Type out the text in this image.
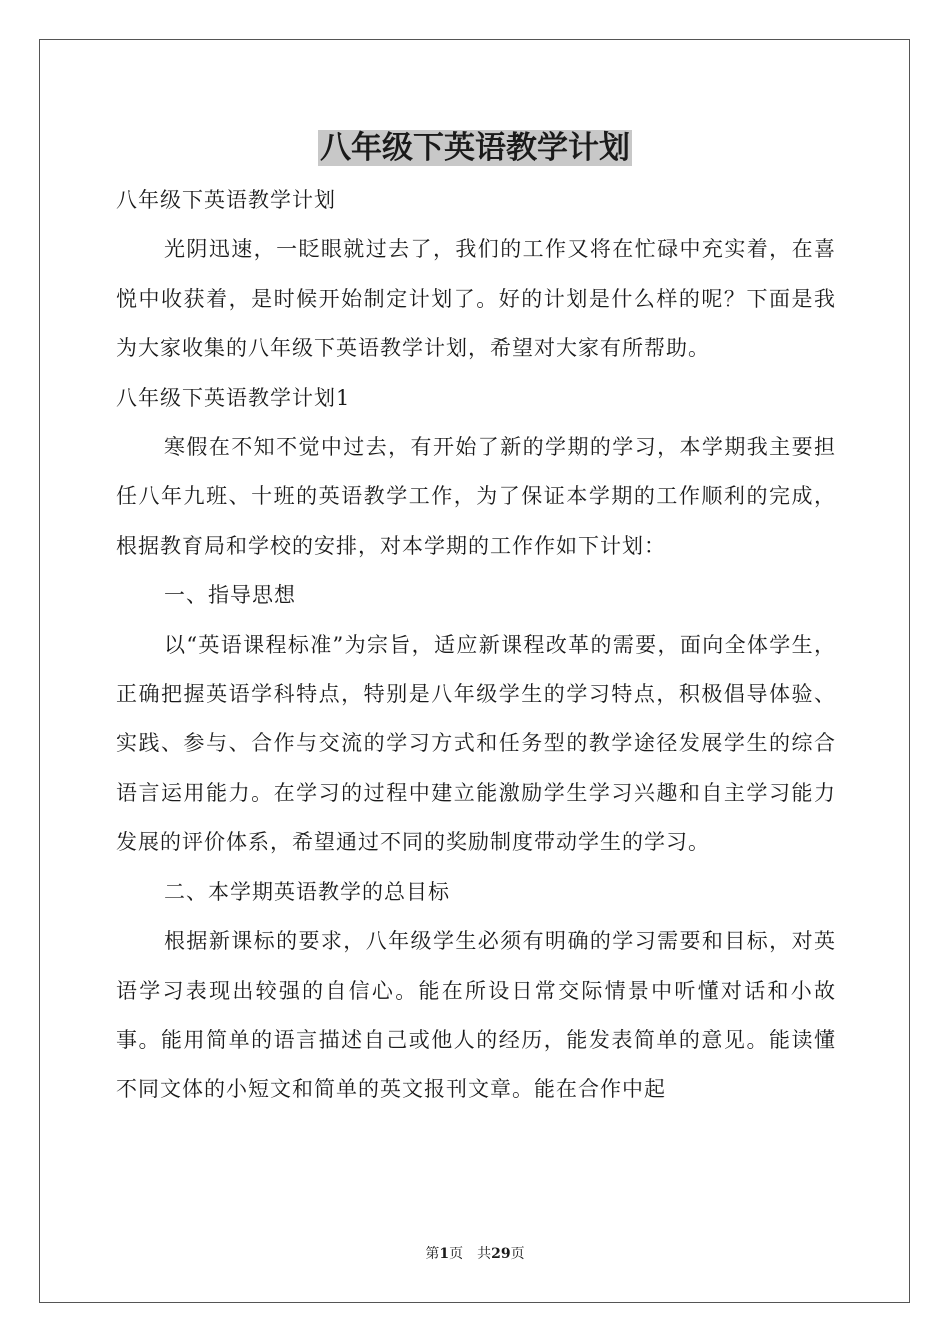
八年级下英语教学计划

八年级下英语教学计划

光阴迅速，一眨眼就过去了，我们的工作又将在忙碌中充实着，在喜悦中收获着，是时候开始制定计划了。好的计划是什么样的呢？下面是我为大家收集的八年级下英语教学计划，希望对大家有所帮助。

八年级下英语教学计划1

寒假在不知不觉中过去，有开始了新的学期的学习，本学期我主要担任八年九班、十班的英语教学工作，为了保证本学期的工作顺利的完成，根据教育局和学校的安排，对本学期的工作作如下计划：

一、指导思想

以“英语课程标准”为宗旨，适应新课程改革的需要，面向全体学生，正确把握英语学科特点，特别是八年级学生的学习特点，积极倡导体验、实践、参与、合作与交流的学习方式和任务型的教学途径发展学生的综合语言运用能力。在学习的过程中建立能激励学生学习兴趣和自主学习能力发展的评价体系，希望通过不同的奖励制度带动学生的学习。

二、本学期英语教学的总目标

根据新课标的要求，八年级学生必须有明确的学习需要和目标，对英语学习表现出较强的自信心。能在所设日常交际情景中听懂对话和小故事。能用简单的语言描述自己或他人的经历，能发表简单的意见。能读懂不同文体的小短文和简单的英文报刊文章。能在合作中起

第1页　共29页
